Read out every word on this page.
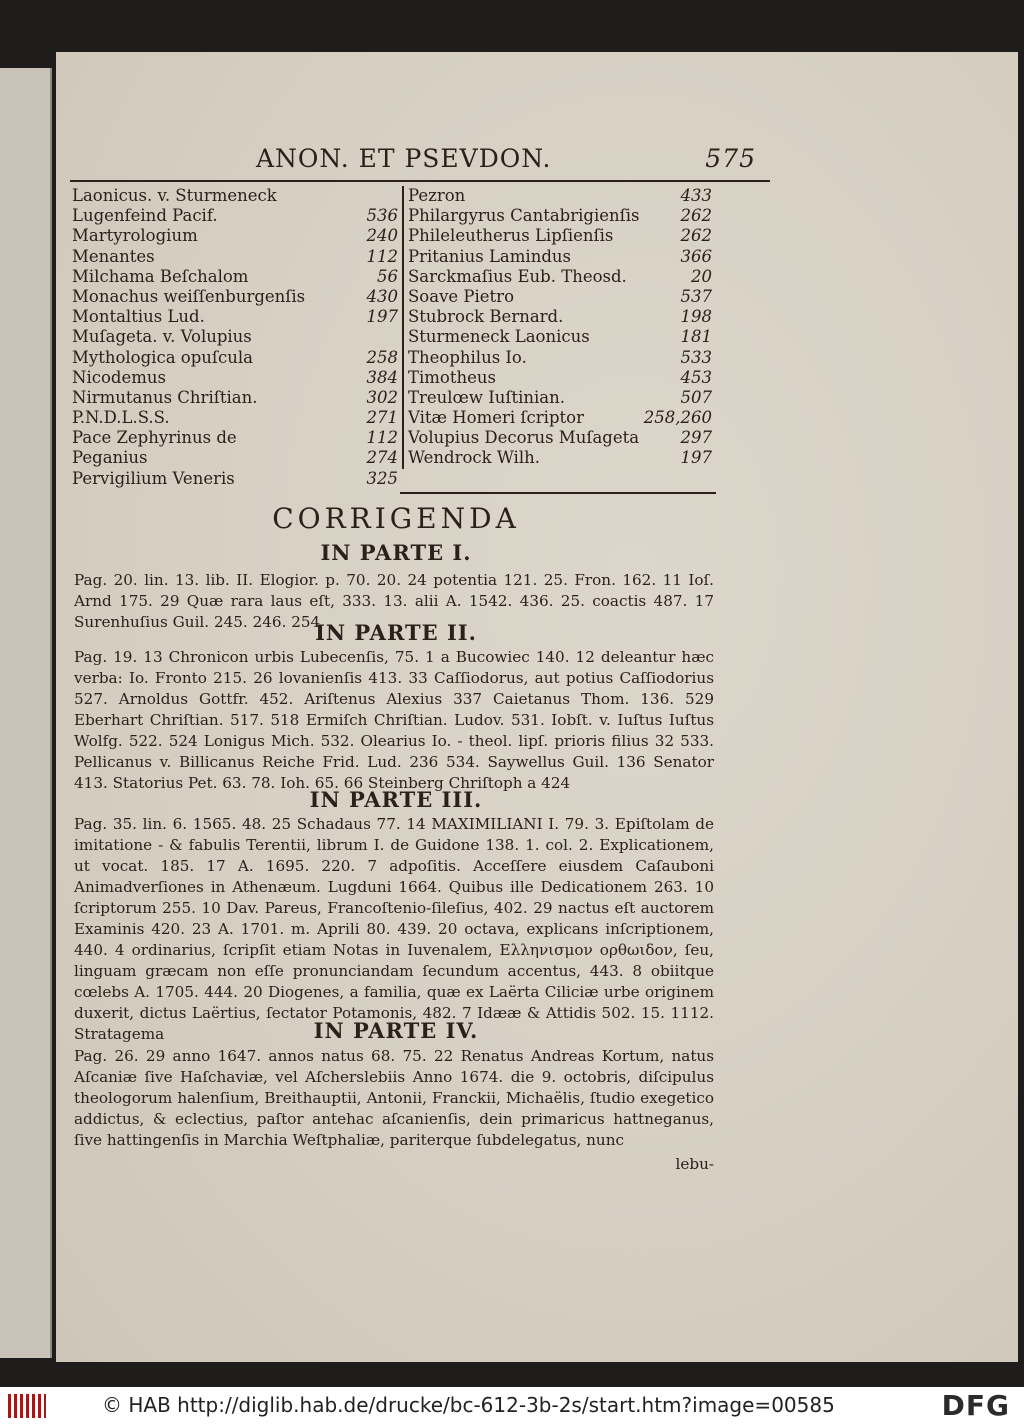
ANON. ET PSEVDON.	575
Laonicus. v. Sturmeneck
Lugenfeind Pacif.	536
Martyrologium	240
Menantes	112
Milchama Beſchalom	56
Monachus weiſſenburgenſis	430
Montaltius Lud.	197
Muſageta. v. Volupius
Mythologica opuſcula	258
Nicodemus	384
Nirmutanus Chriſtian.	302
P.N.D.L.S.S.	271
Pace Zephyrinus de	112
Peganius	274
Pervigilium Veneris	325
Pezron	433
Philargyrus Cantabrigienſis 262
Phileleutherus Lipſienſis	262
Pritanius Lamindus	366
Sarckmaſius Eub. Theosd.	20
Soave Pietro	537
Stubrock Bernard.	198
Sturmeneck Laonicus	181
Theophilus Io.	533
Timotheus	453
Treulœw Iuſtinian.	507
Vitæ Homeri ſcriptor	258,260
Volupius Decorus Muſageta	297
Wendrock Wilh.	197
CORRIGENDA
IN PARTE I.
Pag. 20. lin. 13. lib. II. Elogior. p. 70. 20. 24 potentia 121. 25. Fron. 162. 11 Ioſ. Arnd 175. 29 Quæ rara laus eſt, 333. 13. alii A. 1542. 436. 25. coactis 487. 17 Surenhuſius Guil. 245. 246. 254
IN PARTE II.
Pag. 19. 13 Chronicon urbis Lubecenſis, 75. 1 a Bucowiec 140. 12 deleantur hæc verba: Io. Fronto 215. 26 lovanienſis 413. 33 Caſſiodorus, aut potius Caſſiodorius 527. Arnoldus Gottfr. 452. Ariſtenus Alexius 337 Caietanus Thom. 136. 529 Eberhart Chriſtian. 517. 518 Ermiſch Chriſtian. Ludov. 531. Iobſt. v. Iuſtus Iuſtus Wolfg. 522. 524 Lonigus Mich. 532. Olearius Io. - theol. lipſ. prioris filius 32 533. Pellicanus v. Billicanus Reiche Frid. Lud. 236 534. Saywellus Guil. 136 Senator 413. Statorius Pet. 63. 78. Ioh. 65. 66 Steinberg Chriſtoph a 424
IN PARTE III.
Pag. 35. lin. 6. 1565. 48. 25 Schadaus 77. 14 MAXIMILIANI I. 79. 3. Epiſtolam de imitatione - & fabulis Terentii, librum I. de Guidone 138. 1. col. 2. Explicationem, ut vocat. 185. 17 A. 1695. 220. 7 adpoſitis. Acceſſere eiusdem Caſauboni Animadverſiones in Athenæum. Lugduni 1664. Quibus ille Dedicationem 263. 10 ſcriptorum 255. 10 Dav. Pareus, Francoſtenio-ſileſius, 402. 29 nactus eſt auctorem Examinis 420. 23 A. 1701. m. Aprili 80. 439. 20 octava, explicans inſcriptionem, 440. 4 ordinarius, ſcripſit etiam Notas in Iuvenalem, Ελληνισμον ορθωιδον, ſeu, linguam græcam non eſſe pronunciandam ſecundum accentus, 443. 8 obiitque cœlebs A. 1705. 444. 20 Diogenes, a familia, quæ ex Laërta Ciliciæ urbe originem duxerit, dictus Laërtius, ſectator Potamonis, 482. 7 Idææ & Attidis 502. 15. 1112. Stratagema	IN PARTE IV.
Pag. 26. 29 anno 1647. annos natus 68. 75. 22 Renatus Andreas Kortum, natus Aſcaniæ ſive Haſchaviæ, vel Aſcherslebiis Anno 1674. die 9. octobris, diſcipulus theologorum halenſium, Breithauptii, Antonii, Franckii, Michaëlis, ſtudio exegetico addictus, & eclectius, paſtor antehac aſcanienſis, dein primaricus hattneganus, ſive hattingenſis in Marchia Weſtphaliæ, pariterque ſubdelegatus, nunc
lebu-
© HAB http://diglib.hab.de/drucke/bc-612-3b-2s/start.htm?image=00585	DFG
